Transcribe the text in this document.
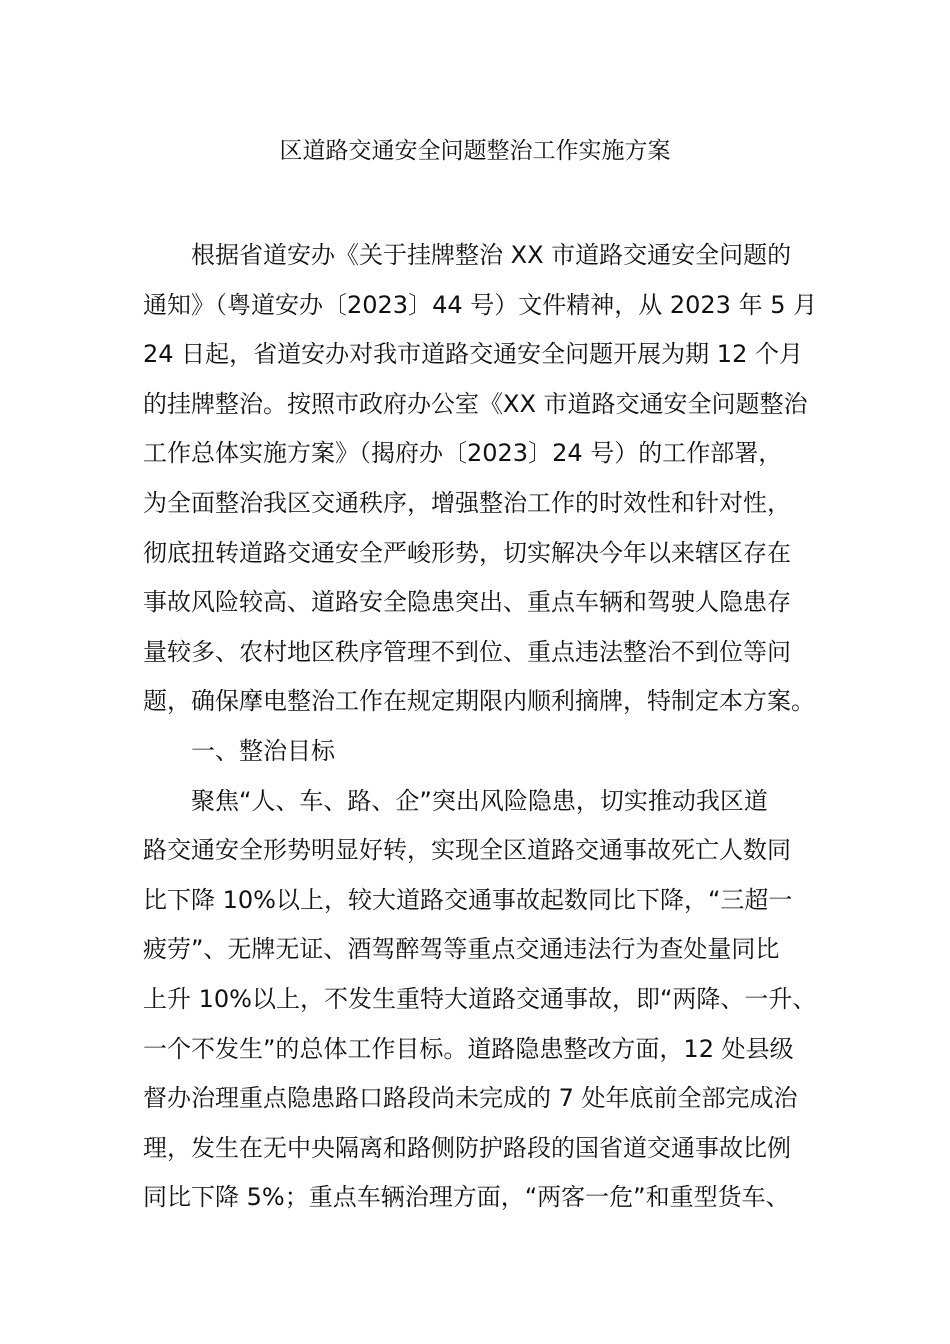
区道路交通安全问题整治工作实施方案
根据省道安办《关于挂牌整治 XX 市道路交通安全问题的
通知》（粤道安办〔2023〕44 号）文件精神，从 2023 年 5 月
24 日起，省道安办对我市道路交通安全问题开展为期 12 个月
的挂牌整治。按照市政府办公室《XX 市道路交通安全问题整治
工作总体实施方案》（揭府办〔2023〕24 号）的工作部署，
为全面整治我区交通秩序，增强整治工作的时效性和针对性，
彻底扭转道路交通安全严峻形势，切实解决今年以来辖区存在
事故风险较高、道路安全隐患突出、重点车辆和驾驶人隐患存
量较多、农村地区秩序管理不到位、重点违法整治不到位等问
题，确保摩电整治工作在规定期限内顺利摘牌，特制定本方案。
一、整治目标
聚焦“人、车、路、企”突出风险隐患，切实推动我区道
路交通安全形势明显好转，实现全区道路交通事故死亡人数同
比下降 10%以上，较大道路交通事故起数同比下降，“三超一
疲劳”、无牌无证、酒驾醉驾等重点交通违法行为查处量同比
上升 10%以上，不发生重特大道路交通事故，即“两降、一升、
一个不发生”的总体工作目标。道路隐患整改方面，12 处县级
督办治理重点隐患路口路段尚未完成的 7 处年底前全部完成治
理，发生在无中央隔离和路侧防护路段的国省道交通事故比例
同比下降 5%；重点车辆治理方面，“两客一危”和重型货车、
